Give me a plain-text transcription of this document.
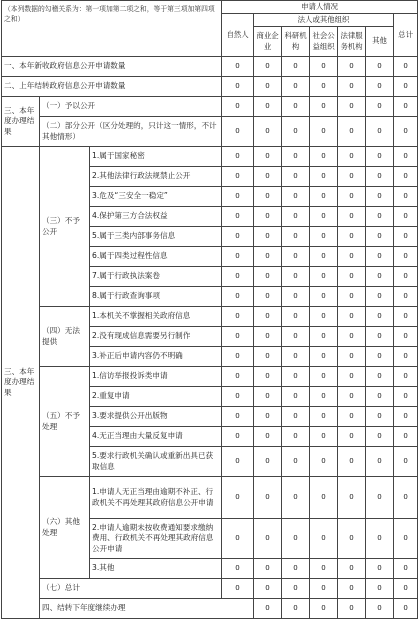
（本列数据的勾稽关系为：第一项加第二项之和，等于第三项加第四项之和）			申请人情况							
			自然人	法人或其他组织					总计	
				商业企业	科研机构	社会公益组织	法律服务机构	其他		
一、本年新收政府信息公开申请数量			0	0	0	0	0	0	0	
二、上年结转政府信息公开申请数量			0	0	0	0	0	0	0	
三、本年度办理结果	（一）予以公开		0	0	0	0	0	0	0	
	（二）部分公开（区分处理的，只计这一情形，不计其他情形）		0	0	0	0	0	0	0	
三、本年度办理结果	（三）不予公开	1.属于国家秘密	0	0	0	0	0	0	0	
		2.其他法律行政法规禁止公开	0	0	0	0	0	0	0	
		3.危及“三安全一稳定”	0	0	0	0	0	0	0	
		4.保护第三方合法权益	0	0	0	0	0	0	0	
		5.属于三类内部事务信息	0	0	0	0	0	0	0	
		6.属于四类过程性信息	0	0	0	0	0	0	0	
		7.属于行政执法案卷	0	0	0	0	0	0	0	
		8.属于行政查询事项	0	0	0	0	0	0	0	
	（四）无法提供	1.本机关不掌握相关政府信息	0	0	0	0	0	0	0	
		2.没有现成信息需要另行制作	0	0	0	0	0	0	0	
		3.补正后申请内容仍不明确	0	0	0	0	0	0	0	
	（五）不予处理	1.信访举报投诉类申请	0	0	0	0	0	0	0	
		2.重复申请	0	0	0	0	0	0	0	
		3.要求提供公开出版物	0	0	0	0	0	0	0	
		4.无正当理由大量反复申请	0	0	0	0	0	0	0	
		5.要求行政机关确认或重新出具已获取信息	0	0	0	0	0	0	0	
	（六）其他处理	1.申请人无正当理由逾期不补正、行政机关不再处理其政府信息公开申请	0	0	0	0	0	0	0	
		2.申请人逾期未按收费通知要求缴纳费用、行政机关不再处理其政府信息公开申请	0	0	0	0	0	0	0	
		3.其他	0	0	0	0	0	0	0	
	（七）总计		0	0	0	0	0	0	0	
	四、结转下年度继续办理			0	0	0	0	0	0	
